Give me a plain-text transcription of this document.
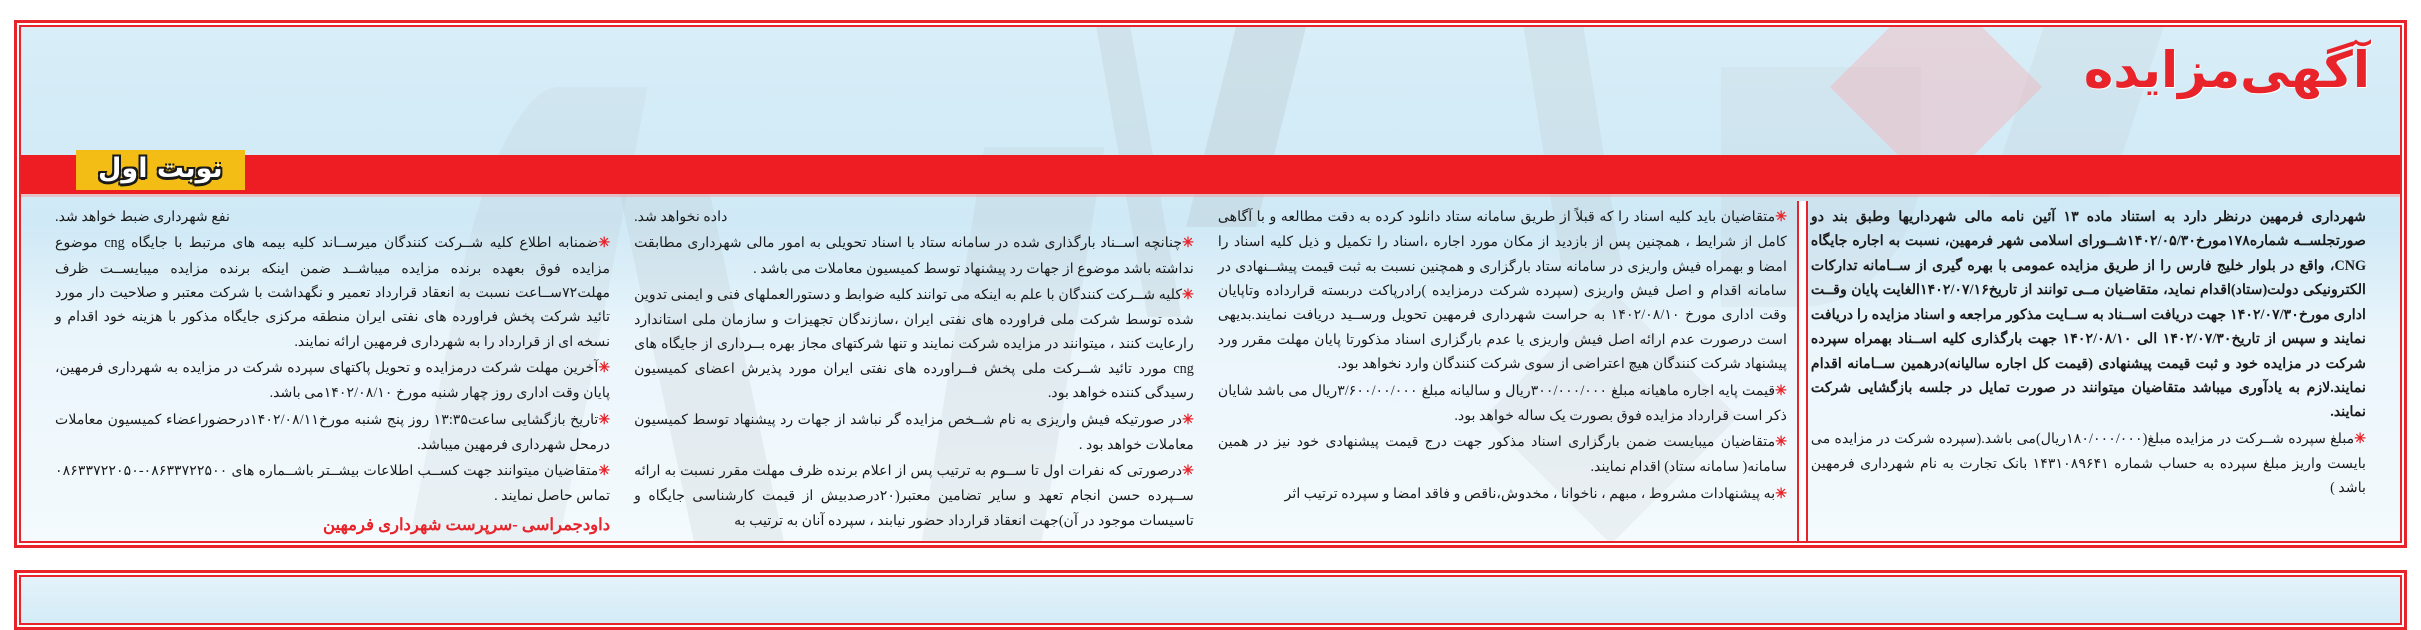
آگهی‌مزایده
نوبت اول

شهرداری فرمهین درنظر دارد به استناد ماده ۱۳ آئین نامه مالی شهرداریها وطبق بند دو صورتجلســه شماره۱۷۸مورخ۱۴۰۲/۰۵/۳۰شــورای اسلامی شهر فرمهین، نسبت به اجاره جایگاه CNG، واقع در بلوار خلیج فارس را از طریق مزایده عمومی با بهره گیری از ســامانه تدارکات الکترونیکی دولت(ستاد)اقدام نماید، متقاضیان مــی توانند از تاریخ۱۴۰۲/۰۷/۱۶الغایت پایان وقــت اداری مورخ۱۴۰۲/۰۷/۳۰ جهت دریافت اســناد به ســایت مذکور مراجعه و اسناد مزایده را دریافت نمایند و سپس از تاریخ۱۴۰۲/۰۷/۳۰ الی ۱۴۰۲/۰۸/۱۰ جهت بارگذاری کلیه اســناد بهمراه سپرده شرکت در مزایده خود و ثبت قیمت پیشنهادی (قیمت کل اجاره سالیانه)درهمین ســامانه اقدام نمایند.لازم به یادآوری میباشد متقاضیان میتوانند در صورت تمایل در جلسه بازگشایی شرکت نمایند.

✳مبلغ سپرده شــرکت در مزایده مبلغ(۱۸۰/۰۰۰/۰۰۰ریال)می باشد.(سپرده شرکت در مزایده می بایست واریز مبلغ سپرده به حساب شماره ۱۴۳۱۰۸۹۶۴۱ بانک تجارت به نام شهرداری فرمهین باشد )

✳متقاضیان باید کلیه اسناد را که قبلاً از طریق سامانه ستاد دانلود کرده به دقت مطالعه و با آگاهی کامل از شرایط ، همچنین پس از بازدید از مکان مورد اجاره ،اسناد را تکمیل و ذیل کلیه اسناد را امضا و بهمراه فیش واریزی در سامانه ستاد بارگزاری و همچنین نسبت به ثبت قیمت پیشــنهادی در سامانه اقدام و اصل فیش واریزی (سپرده شرکت درمزایده )رادرپاکت دربسته قرارداده وتاپایان وقت اداری مورخ ۱۴۰۲/۰۸/۱۰ به حراست شهرداری فرمهین تحویل ورســید دریافت نمایند.بدیهی است درصورت عدم ارائه اصل فیش واریزی یا عدم بارگزاری اسناد مذکورتا پایان مهلت مقرر ورد پیشنهاد شرکت کنندگان هیچ اعتراضی از سوی شرکت کنندگان وارد نخواهد بود.

✳قیمت پایه اجاره ماهیانه مبلغ ۳۰۰/۰۰۰/۰۰۰ریال و سالیانه مبلغ ۳/۶۰۰/۰۰/۰۰۰ریال می باشد شایان ذکر است قرارداد مزایده فوق بصورت یک ساله خواهد بود.

✳متقاضیان میبایست ضمن بارگزاری اسناد مذکور جهت درج قیمت پیشنهادی خود نیز در همین سامانه( سامانه ستاد) اقدام نمایند.

✳به پیشنهادات مشروط ، مبهم ، ناخوانا ، مخدوش،ناقص و فاقد امضا و سپرده ترتیب اثر

داده نخواهد شد.

✳چنانچه اســناد بارگذاری شده در سامانه ستاد با اسناد تحویلی به امور مالی شهرداری مطابقت نداشته باشد موضوع از جهات رد پیشنهاد توسط کمیسیون معاملات می باشد .

✳کلیه شــرکت کنندگان با علم به اینکه می توانند کلیه ضوابط و دستورالعملهای فنی و ایمنی تدوین شده توسط شرکت ملی فراورده های نفتی ایران ،سازندگان تجهیزات و سازمان ملی استاندارد رارعایت کنند ، میتوانند در مزایده شرکت نمایند و تنها شرکتهای مجاز بهره بــرداری از جایگاه های cng مورد تائید شــرکت ملی پخش فــراورده های نفتی ایران مورد پذیرش اعضای کمیسیون رسیدگی کننده خواهد بود.

✳در صورتیکه فیش واریزی به نام شــخص مزایده گر نباشد از جهات رد پیشنهاد توسط کمیسیون معاملات خواهد بود .

✳درصورتی که نفرات اول تا ســوم به ترتیب پس از اعلام برنده ظرف مهلت مقرر نسبت به ارائه ســپرده حسن انجام تعهد و سایر تضامین معتبر(۲۰درصدبیش از قیمت کارشناسی جایگاه و تاسیسات موجود در آن)جهت انعقاد قرارداد حضور نیابند ، سپرده آنان به ترتیب به

نفع شهرداری ضبط خواهد شد.

✳ضمنابه اطلاع کلیه شــرکت کنندگان میرســاند کلیه بیمه های مرتبط با جایگاه cng موضوع مزایده فوق بعهده برنده مزایده میباشــد ضمن اینکه برنده مزایده میبایســت ظرف مهلت۷۲ســاعت نسبت به انعقاد قرارداد تعمیر و نگهداشت با شرکت معتبر و صلاحیت دار مورد تائید شرکت پخش فراورده های نفتی ایران منطقه مرکزی جایگاه مذکور با هزینه خود اقدام و نسخه ای از قرارداد را به شهرداری فرمهین ارائه نمایند.

✳آخرین مهلت شرکت درمزایده و تحویل پاکتهای سپرده شرکت در مزایده به شهرداری فرمهین، پایان وقت اداری روز چهار شنبه مورخ ۱۴۰۲/۰۸/۱۰می باشد.

✳تاریخ بازگشایی ساعت۱۳:۳۵ روز پنج شنبه مورخ۱۴۰۲/۰۸/۱۱درحضوراعضاء کمیسیون معاملات درمحل شهرداری فرمهین میباشد.

✳متقاضیان میتوانند جهت کســب اطلاعات بیشــتر باشــماره های ۰۸۶۳۳۷۲۲۵۰۰-۰۸۶۳۳۷۲۲۰۵۰ تماس حاصل نمایند .

داودجمراسی -سرپرست شهرداری فرمهین
